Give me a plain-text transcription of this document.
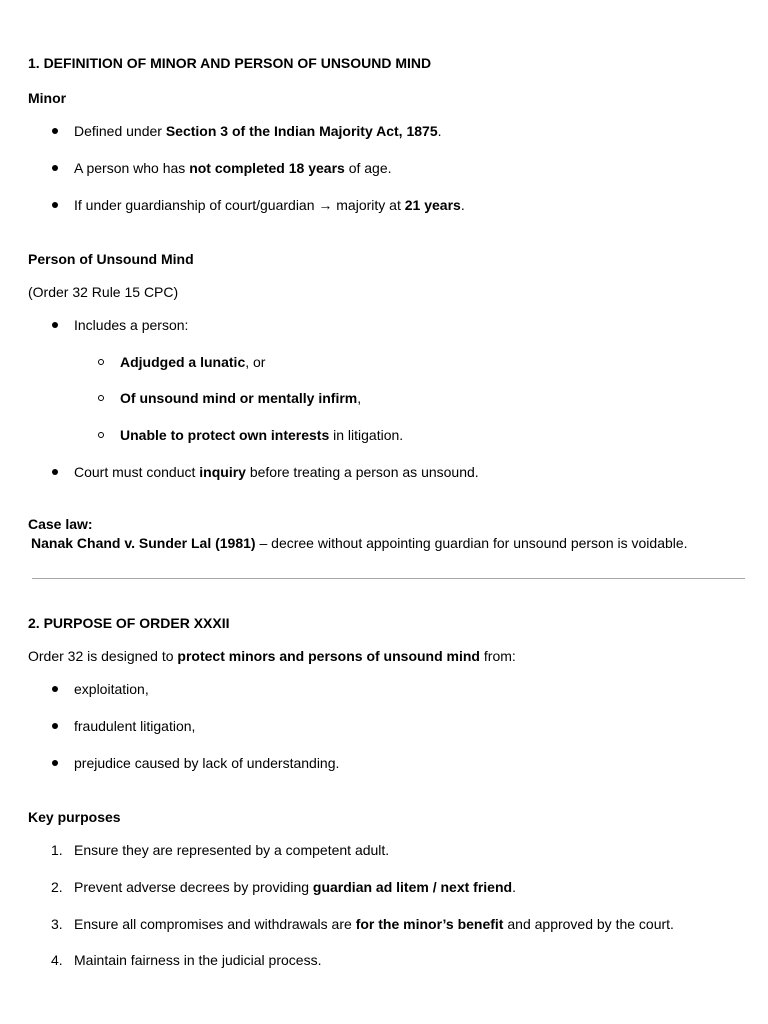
1. DEFINITION OF MINOR AND PERSON OF UNSOUND MIND
Minor
Defined under Section 3 of the Indian Majority Act, 1875.
A person who has not completed 18 years of age.
If under guardianship of court/guardian → majority at 21 years.
Person of Unsound Mind
(Order 32 Rule 15 CPC)
Includes a person:
Adjudged a lunatic, or
Of unsound mind or mentally infirm,
Unable to protect own interests in litigation.
Court must conduct inquiry before treating a person as unsound.
Case law:
Nanak Chand v. Sunder Lal (1981) – decree without appointing guardian for unsound person is voidable.
2. PURPOSE OF ORDER XXXII
Order 32 is designed to protect minors and persons of unsound mind from:
exploitation,
fraudulent litigation,
prejudice caused by lack of understanding.
Key purposes
1. Ensure they are represented by a competent adult.
2. Prevent adverse decrees by providing guardian ad litem / next friend.
3. Ensure all compromises and withdrawals are for the minor’s benefit and approved by the court.
4. Maintain fairness in the judicial process.
